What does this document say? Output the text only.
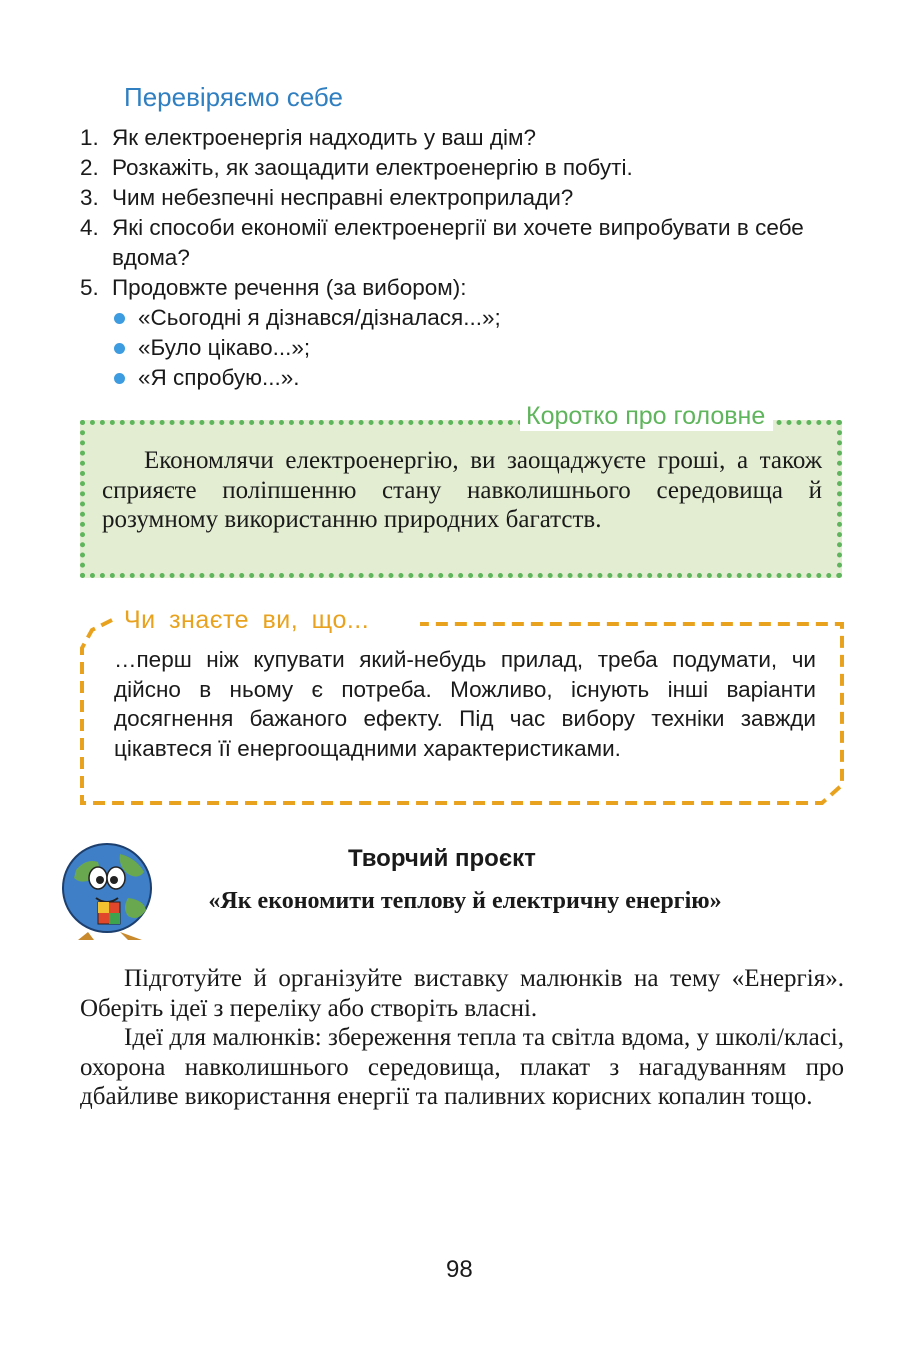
Перевіряємо себе
1. Як електроенергія надходить у ваш дім?
2. Розкажіть, як заощадити електроенергію в побуті.
3. Чим небезпечні несправні електроприлади?
4. Які способи економії електроенергії ви хочете випробувати в себе вдома?
5. Продовжте речення (за вибором):
«Сьогодні я дізнався/дізналася...»;
«Було цікаво...»;
«Я спробую...».
Коротко про головне
Економлячи електроенергію, ви заощаджуєте гроші, а також сприяєте поліпшенню стану навколишнього середовища й розумному використанню природних багатств.
Чи знаєте ви, що...
…перш ніж купувати який-небудь прилад, треба подумати, чи дійсно в ньому є потреба. Можливо, існують інші варіанти досягнення бажаного ефекту. Під час вибору техніки завжди цікавтеся її енергоощадними характеристиками.
Творчий проєкт
«Як економити теплову й електричну енергію»

Підготуйте й організуйте виставку малюнків на тему «Енергія». Оберіть ідеї з переліку або створіть власні.

Ідеї для малюнків: збереження тепла та світла вдома, у школі/класі, охорона навколишнього середовища, плакат з нагадуванням про дбайливе використання енергії та паливних корисних копалин тощо.

98
